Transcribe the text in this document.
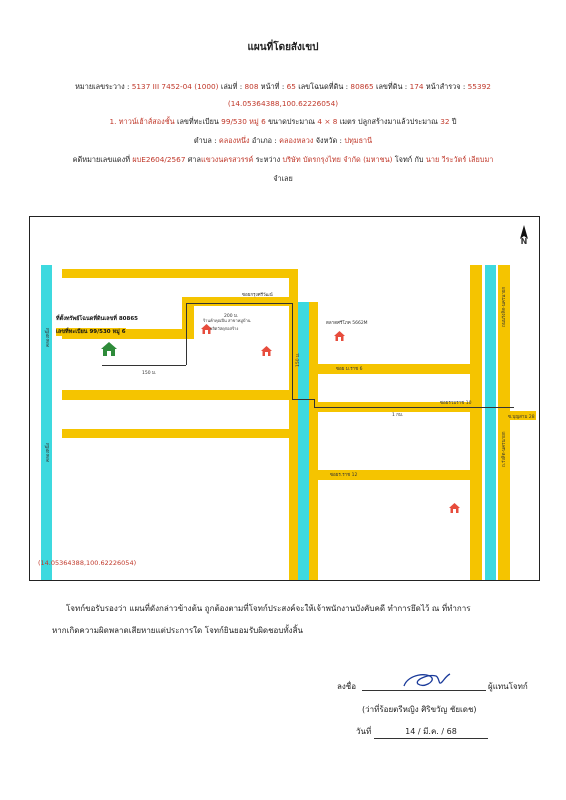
แผนที่โดยสังเขป
หมายเลขระวาง : 5137 III 7452-04 (1000) เล่มที่ : 808 หน้าที่ : 65 เลขโฉนดที่ดิน : 80865 เลขที่ดิน : 174 หน้าสำรวจ : 55392
(14.05364388,100.62226054)
1. ทาวน์เฮ้าส์สองชั้น เลขที่ทะเบียน 99/530 หมู่ 6 ขนาดประมาณ 4 × 8 เมตร ปลูกสร้างมาแล้วประมาณ 32 ปี
ตำบล : คลองหนึ่ง อำเภอ : คลองหลวง จังหวัด : ปทุมธานี
คดีหมายเลขแดงที่ ผบE2604/2567 ศาลแขวงนครสวรรค์ ระหว่าง บริษัท บัตรกรุงไทย จำกัด (มหาชน) โจทก์ กับ นาย วีระวัตร์ เลียบมา
จำเลย
N
ที่ตั้งทรัพย์โฉนดที่ดินเลขที่ 80865
เลขที่ทะเบียน 99/530 หมู่ 6
ซอยกรุงศรีวัฒน์
200 ม.
150 ม.
ร้านค้าคุณปิ่น สาขาหมู่บ้าน
ผลิตวัสดุก่อสร้าง
ตลาดศรีโภค 5662M
ซอย ม.ราช 6
ซอยรวมราช 10
1 กม.
ซอยร.ราช 12
ซ.บุญสาม 28
150 ม.
คลองหนึ่ง
คลองหนึ่ง
ถนนรังสิต-นครนายก
ถ.รังสิต-นครนายก
(14.05364388,100.62226054)
โจทก์ขอรับรองว่า แผนที่ดังกล่าวข้างต้น ถูกต้องตามที่โจทก์ประสงค์จะให้เจ้าพนักงานบังคับคดี ทำการยึดไว้ ณ ที่ทำการ
หากเกิดความผิดพลาดเสียหายแต่ประการใด โจทก์ยินยอมรับผิดชอบทั้งสิ้น
ลงชื่อ	ผู้แทนโจทก์
(ว่าที่ร้อยตรีหญิง ศิริขวัญ ชัยเดช)
วันที่	14 / มี.ค. / 68
